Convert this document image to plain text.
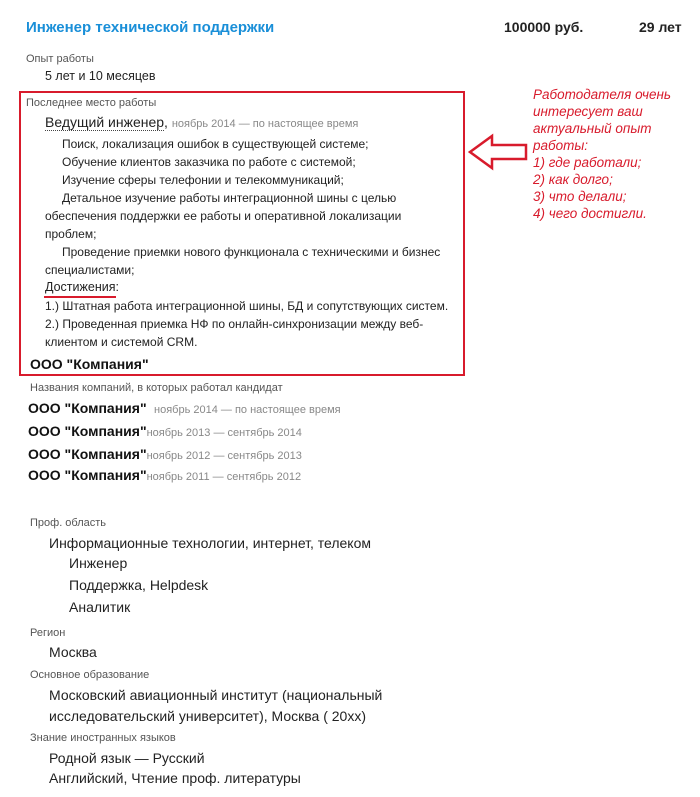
Инженер технической поддержки	100000 руб.	29 лет
Опыт работы
5 лет и 10 месяцев
Последнее место работы
Ведущий инженер, ноябрь 2014 — по настоящее время
Поиск, локализация ошибок в существующей системе;
Обучение клиентов заказчика по работе с системой;
Изучение сферы телефонии и телекоммуникаций;
Детальное изучение работы интеграционной шины с целью
обеспечения поддержки ее работы и оперативной локализации
проблем;
Проведение приемки нового функционала с техническими и бизнес
специалистами;
Достижения:
1.) Штатная работа интеграционной шины, БД и сопутствующих систем.
2.) Проведенная приемка НФ по онлайн-синхронизации между веб-
клиентом и системой CRM.
ООО "Компания"
Работодателя очень
интересует ваш
актуальный опыт
работы:
1) где работали;
2) как долго;
3) что делали;
4) чего достигли.
Названия компаний, в которых работал кандидат
ООО "Компания" ноябрь 2014 — по настоящее время
ООО "Компания"ноябрь 2013 — сентябрь 2014
ООО "Компания"ноябрь 2012 — сентябрь 2013
ООО "Компания"ноябрь 2011 — сентябрь 2012
Проф. область
Информационные технологии, интернет, телеком
Инженер
Поддержка, Helpdesk
Аналитик
Регион
Москва
Основное образование
Московский авиационный институт (национальный
исследовательский университет), Москва ( 20xx)
Знание иностранных языков
Родной язык — Русский
Английский, Чтение проф. литературы
